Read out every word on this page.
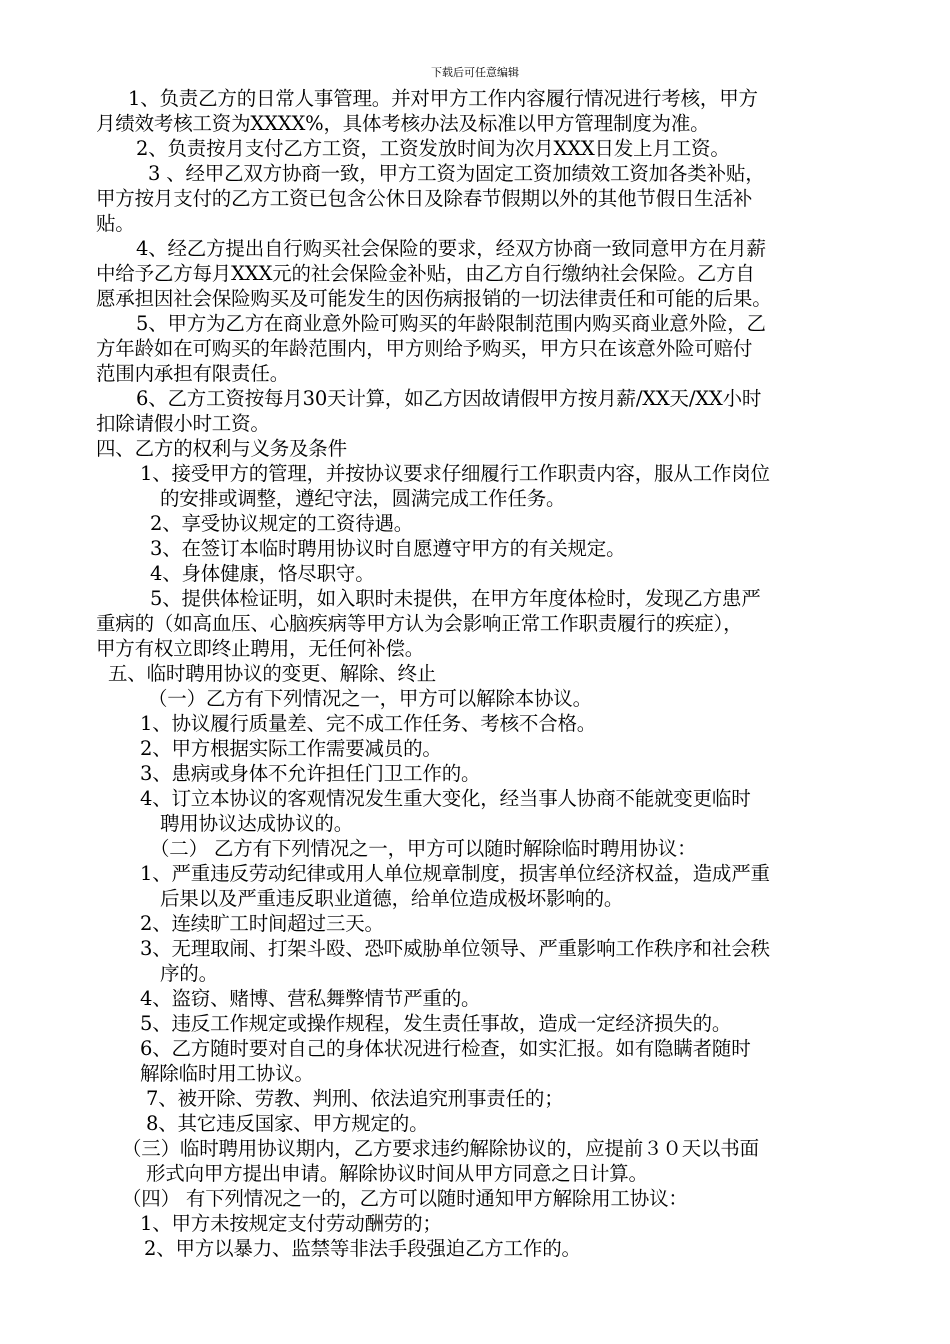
下载后可任意编辑
1、负责乙方的日常人事管理。并对甲方工作内容履行情况进行考核，甲方
月绩效考核工资为XXXX%，具体考核办法及标准以甲方管理制度为准。
2、负责按月支付乙方工资，工资发放时间为次月XXX日发上月工资。
3 、经甲乙双方协商一致，甲方工资为固定工资加绩效工资加各类补贴，
甲方按月支付的乙方工资已包含公休日及除春节假期以外的其他节假日生活补
贴。
4、经乙方提出自行购买社会保险的要求，经双方协商一致同意甲方在月薪
中给予乙方每月XXX元的社会保险金补贴，由乙方自行缴纳社会保险。乙方自
愿承担因社会保险购买及可能发生的因伤病报销的一切法律责任和可能的后果。
5、甲方为乙方在商业意外险可购买的年龄限制范围内购买商业意外险，乙
方年龄如在可购买的年龄范围内，甲方则给予购买，甲方只在该意外险可赔付
范围内承担有限责任。
6、乙方工资按每月30天计算，如乙方因故请假甲方按月薪/XX天/XX小时
扣除请假小时工资。
四、乙方的权利与义务及条件
1、接受甲方的管理，并按协议要求仔细履行工作职责内容，服从工作岗位
的安排或调整，遵纪守法，圆满完成工作任务。
2、享受协议规定的工资待遇。
3、在签订本临时聘用协议时自愿遵守甲方的有关规定。
4、身体健康，恪尽职守。
5、提供体检证明，如入职时未提供，在甲方年度体检时，发现乙方患严
重病的（如高血压、心脑疾病等甲方认为会影响正常工作职责履行的疾症），
甲方有权立即终止聘用，无任何补偿。
五、临时聘用协议的变更、解除、终止
（一）乙方有下列情况之一，甲方可以解除本协议。
1、协议履行质量差、完不成工作任务、考核不合格。
2、甲方根据实际工作需要减员的。
3、患病或身体不允许担任门卫工作的。
4、订立本协议的客观情况发生重大变化，经当事人协商不能就变更临时
聘用协议达成协议的。
（二） 乙方有下列情况之一，甲方可以随时解除临时聘用协议：
1、严重违反劳动纪律或用人单位规章制度，损害单位经济权益，造成严重
后果以及严重违反职业道德，给单位造成极坏影响的。
2、连续旷工时间超过三天。
3、无理取闹、打架斗殴、恐吓威胁单位领导、严重影响工作秩序和社会秩
序的。
4、盗窃、赌博、营私舞弊情节严重的。
5、违反工作规定或操作规程，发生责任事故，造成一定经济损失的。
6、乙方随时要对自己的身体状况进行检查，如实汇报。如有隐瞒者随时
解除临时用工协议。
7、被开除、劳教、判刑、依法追究刑事责任的；
8、其它违反国家、甲方规定的。
（三）临时聘用协议期内，乙方要求违约解除协议的，应提前３０天以书面
形式向甲方提出申请。解除协议时间从甲方同意之日计算。
（四） 有下列情况之一的，乙方可以随时通知甲方解除用工协议：
1、甲方未按规定支付劳动酬劳的；
2、甲方以暴力、监禁等非法手段强迫乙方工作的。
